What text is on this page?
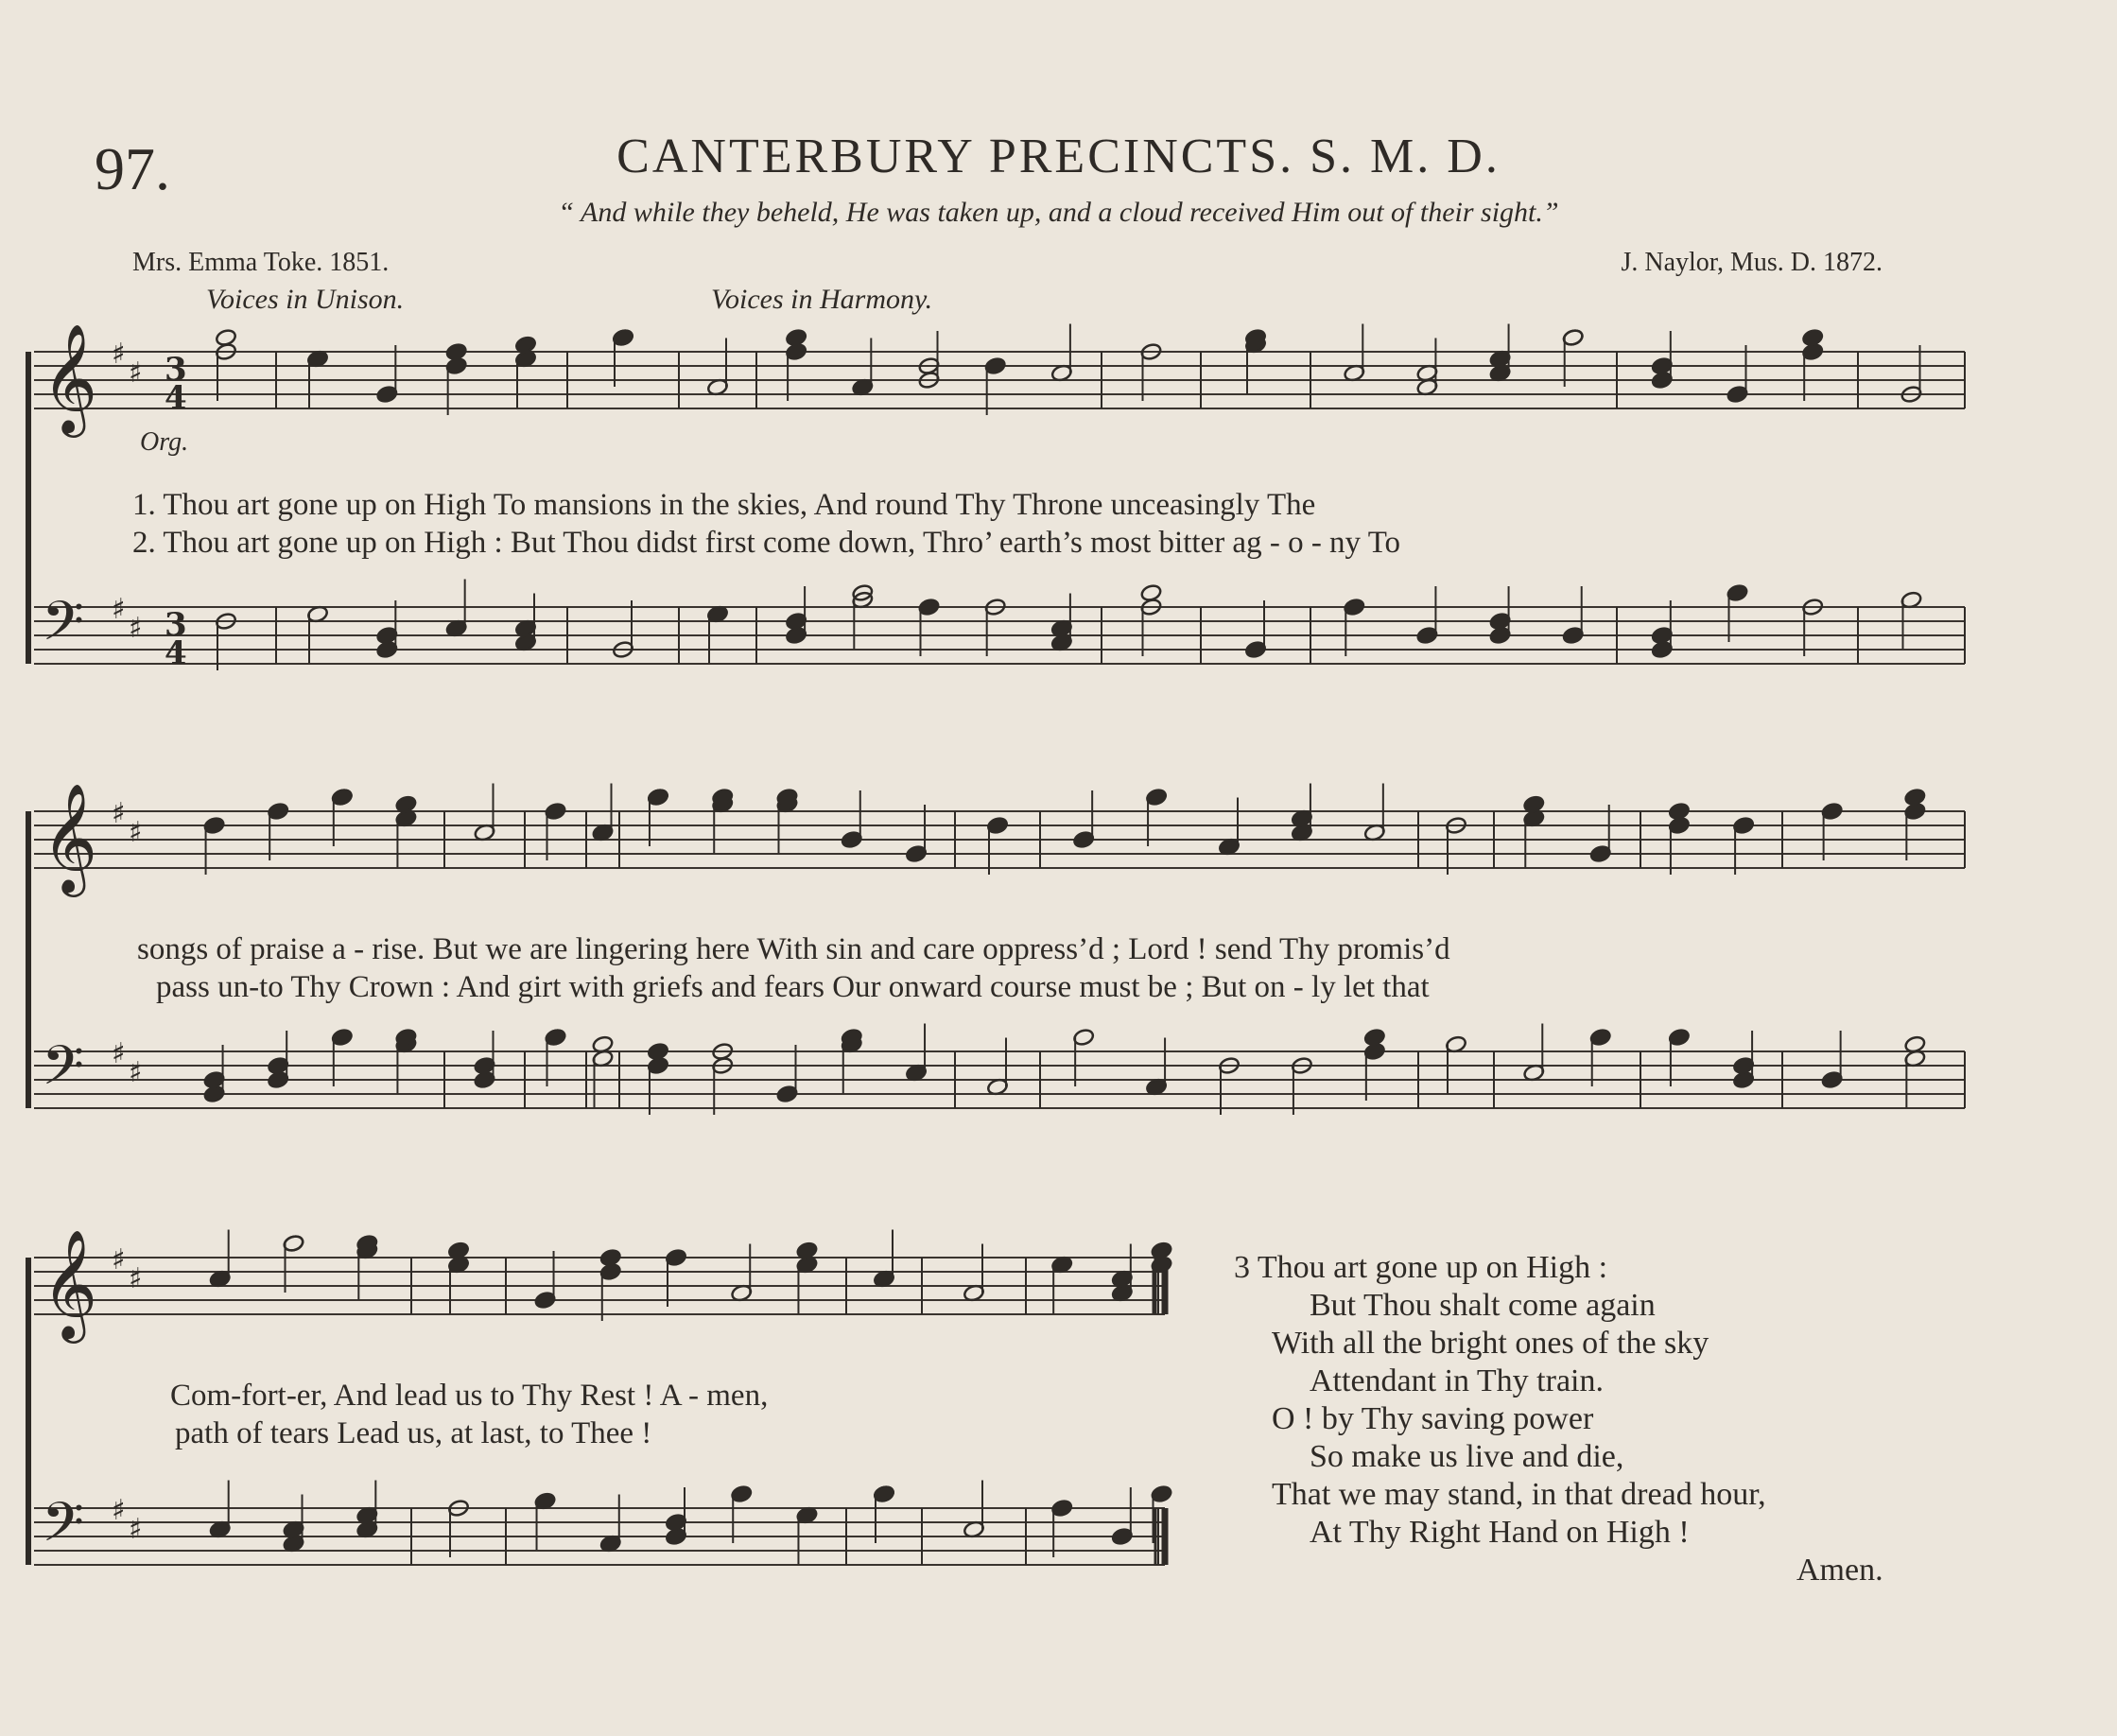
97.	CANTERBURY PRECINCTS. S. M. D.
“ And while they beheld, He was taken up, and a cloud received Him out of their sight.”
Mrs. Emma Toke. 1851.	J. Naylor, Mus. D. 1872.
Voices in Unison.	Voices in Harmony.
Org.
𝄞 ♯
♯
𝄢 ♯
♯
3
4
3
4
𝄞 ♯
♯
𝄢 ♯
♯
𝄞 ♯
♯
𝄢 ♯
♯
1. Thou art gone up on High To mansions in the skies, And round Thy Throne unceasingly The
2. Thou art gone up on High : But Thou didst first come down, Thro’ earth’s most bitter ag - o - ny To
songs of praise a - rise. But we are lingering here With sin and care oppress’d ; Lord ! send Thy promis’d
pass un-to Thy Crown : And girt with griefs and fears Our onward course must be ; But on - ly let that
Com-fort-er, And lead us to Thy Rest ! A - men,
path of tears Lead us, at last, to Thee !
3 Thou art gone up on High :
But Thou shalt come again
With all the bright ones of the sky
Attendant in Thy train.
O ! by Thy saving power
So make us live and die,
That we may stand, in that dread hour,
At Thy Right Hand on High !
Amen.
